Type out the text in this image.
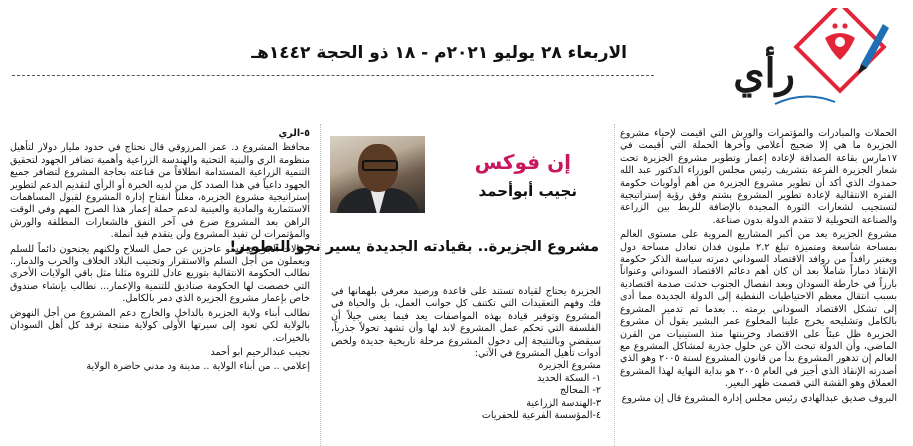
رأي
الاربعاء ٢٨ يوليو ٢٠٢١م - ١٨ ذو الحجة ١٤٤٢هـ

الحملات والمبادرات والمؤتمرات والورش التي أقيمت لإحياء مشروع الجزيرة ما هي إلا ضجيج أعلامي وآخرها الحملة التي أقيمت في ١٧مارس بقاعة الصداقة لإعادة إعمار وتطوير مشروع الجزيرة تحت شعار الجزيرة الفرعة بتشريف رئيس مجلس الوزراء الدكتور عبد الله حمدوك الذي أكد أن تطوير مشروع الجزيرة من أهم أولويات حكومة الفترة الانتقالية لإعادة تطوير المشروع بشتم وفق رؤية إستراتيجية لتستجيب لشعارات الثورة المجيدة بالإضافة للربط بين الزراعة والصناعة التحويلية لا تتقدم الدولة بدون صناعة.

مشروع الجزيرة يعد من أكبر المشاريع المروية على مستوى العالم بمساحة شاسعة ومتميزة تبلغ ٢.٢ مليون فدان تعادل مساحة دول ويعتبر رافداً من روافد الاقتصاد السوداني دمرته سياسة الذكر حكومة الإنقاذ دماراً شاملاً بعد أن كان أهم دعائم الاقتصاد السوداني وعنواناً بارزاً في خارطة السودان وبعد انفصال الجنوب حدثت صدمة اقتصادية بسبب انتقال معظم الاحتياطيات النفطية إلى الدولة الجديدة مما أدى إلى تشكل الاقتصاد السوداني برمته .. بعدما تم تدمير المشروع بالكامل وتشليحه يخرج علينا المخلوع عمر البشير يقول أن مشروع الجزيرة ظل عبئاً على الاقتصاد وخزينتها منذ الستينيات من القرن الماضي، وأن الدولة تبحث الآن عن حلول جذرية لمشاكل المشروع مع العالم إن تدهور المشروع بدأ من قانون المشروع لسنة ٢٠٠٥ وهو الذي أصدرته الإنقاذ الذي أجيز في العام ٢٠٠٥ هو بداية النهاية لهذا المشروع العملاق وهو القشة التي قصمت ظهر البعير.

البروف صديق عبدالهادي رئيس مجلس إدارة المشروع قال إن مشروع

إن فوكس
نجيب أبوأحمد
مشروع الجزيرة.. بقيادته الجديدة يسير نحو التطوير!

الجزيرة يحتاج لقيادة تستند على قاعدة ورصيد معرفي بلهمانها في فك وفهم التعقيدات التي تكتنف كل جوانب العمل، بل والحياة في المشروع وتوفير قيادة بهذه المواصفات يعد فيما يعني جيلاً أن الفلسفة التي تحكم عمل المشروع لابد لها وأن تشهد تحولاً جذرياً، سيقضي وبالنتيجة إلى دخول المشروع مرحلة تاريخية جديدة ولخص أدوات تأهيل المشروع في الآتي:

مشروع الجزيرة

١- السكة الحديد

٢- المحالج

٣-الهندسة الزراعية

٤-المؤسسة الفرعية للحفريات

٥-الري

محافظ المشروع د. عمر المرزوقي قال نحتاج في حدود مليار دولار لتأهيل منظومة الري والبنية التحتية والهندسة الزراعية وأهمية تضافر الجهود لتحقيق التنمية الزراعية المستدامة انطلاقاً من قناعته بحاجة المشروع لتضافر جميع الجهود داعياً في هذا الصدد كل من لديه الخبرة أو الرأي لتقديم الدعم لتطوير إستراتيجية مشروع الجزيرة، معلناً انفتاح إدارة المشروع لقبول المساهمات الاستثمارية والمادية والعينية لدعم حملة إعمار هذا الصرح المهم وفي الوقت الراهن بعد المشروع ضرع في آخر النفق فالشعارات المطلقة والورش والمؤتمرات لن تفيد المشروع ولن يتقدم قيد أنملة.

رجالات الجزيرة ليسو عاجزين عن حمل السلاح ولكنهم يجنحون دائماً للسلم ويعملون من أجل السلم والاستقرار وتجنيب البلاد الخلاف والحرب والدمار.. نطالب الحكومة الانتقالية بتوزيع عادل للثروة مثلنا مثل باقي الولايات الأخرى التي خصصت لها الحكومة صناديق للتنمية والإعمار... نطالب بإنشاء صندوق خاص بإعمار مشروع الجزيرة الذي دمر بالكامل.

نطالب أبناء ولاية الجزيرة بالداخل والخارج دعم المشروع من أجل النهوض بالولاية لكي تعود إلى سيرتها الأولى كولاية منتجة ترفد كل أهل السودان بالخيرات.

نجيب عبدالرحيم ابو أحمد

إعلامي .. من أبناء الولاية .. مدينة ود مدني حاضرة الولاية
